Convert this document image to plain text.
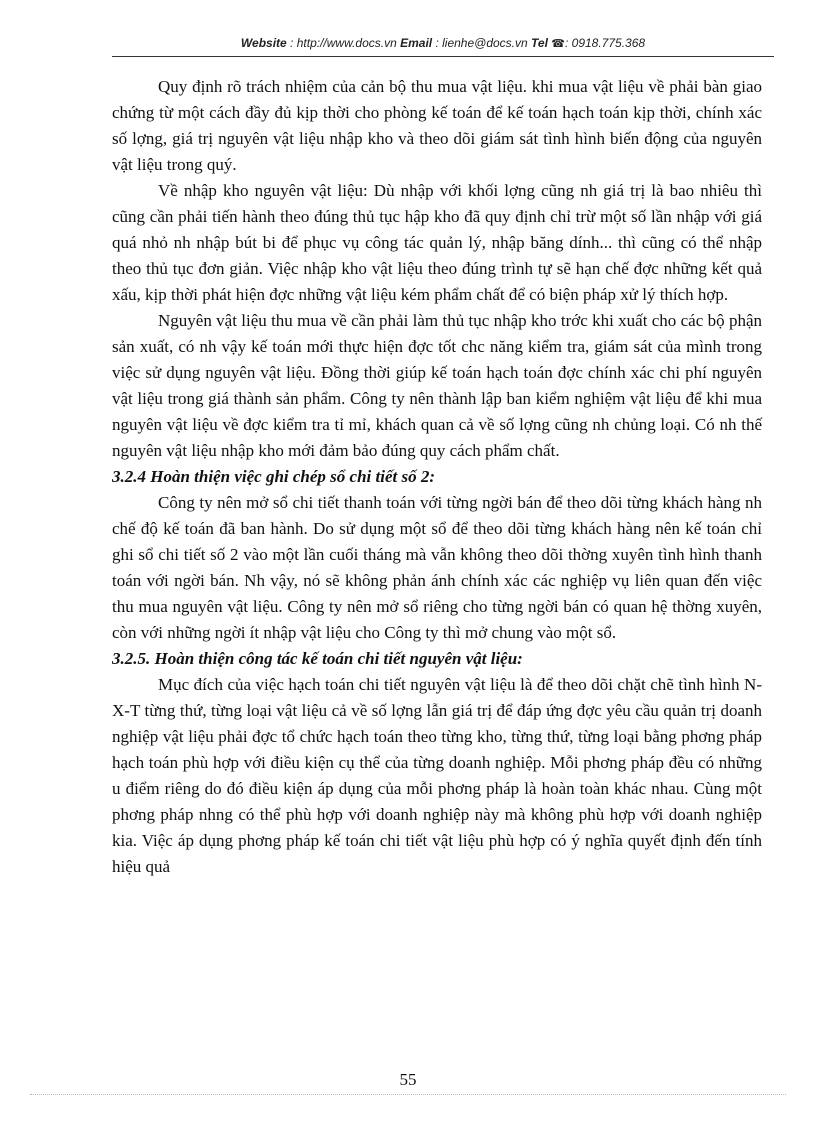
Website : http://www.docs.vn Email : lienhe@docs.vn Tel ☎: 0918.775.368

Quy định rõ trách nhiệm của cản bộ thu mua vật liệu. khi mua vật liệu về phải bàn giao chứng từ một cách đầy đủ kịp thời cho phòng kế toán để kế toán hạch toán kịp thời, chính xác số lợng, giá trị nguyên vật liệu nhập kho và theo dõi giám sát tình hình biến động của nguyên vật liệu trong quý.

Về nhập kho nguyên vật liệu: Dù nhập với khối lợng cũng nh giá trị là bao nhiêu thì cũng cần phải tiến hành theo đúng thủ tục hập kho đã quy định chỉ trừ một số lần nhập với giá quá nhỏ nh nhập bút bi để phục vụ công tác quản lý, nhập băng dính... thì cũng có thể nhập theo thủ tục đơn giản. Việc nhập kho vật liệu theo đúng trình tự sẽ hạn chế đợc những kết quả xấu, kịp thời phát hiện đợc những vật liệu kém phẩm chất để có biện pháp xử lý thích hợp.

Nguyên vật liệu thu mua về cần phải làm thủ tục nhập kho trớc khi xuất cho các bộ phận sản xuất, có nh vậy kế toán mới thực hiện đợc tốt chc năng kiểm tra, giám sát của mình trong việc sử dụng nguyên vật liệu. Đồng thời giúp kế toán hạch toán đợc chính xác chi phí nguyên vật liệu trong giá thành sản phẩm. Công ty nên thành lập ban kiểm nghiệm vật liệu để khi mua nguyên vật liệu về đợc kiểm tra tỉ mỉ, khách quan cả về số lợng cũng nh chủng loại. Có nh thế nguyên vật liệu nhập kho mới đảm bảo đúng quy cách phẩm chất.

3.2.4 Hoàn thiện việc ghi chép sổ chi tiết số 2:

Công ty nên mở sổ chi tiết thanh toán với từng ngời bán để theo dõi từng khách hàng nh chế độ kế toán đã ban hành. Do sử dụng một sổ để theo dõi từng khách hàng nên kế toán chỉ ghi sổ chi tiết số 2 vào một lần cuối tháng mà vẫn không theo dõi thờng xuyên tình hình thanh toán với ngời bán. Nh vậy, nó sẽ không phản ánh chính xác các nghiệp vụ liên quan đến việc thu mua nguyên vật liệu. Công ty nên mở sổ riêng cho từng ngời bán có quan hệ thờng xuyên, còn với những ngời ít nhập vật liệu cho Công ty thì mở chung vào một sổ.

3.2.5. Hoàn thiện công tác kế toán chi tiết nguyên vật liệu:

Mục đích của việc hạch toán chi tiết nguyên vật liệu là để theo dõi chặt chẽ tình hình N-X-T từng thứ, từng loại vật liệu cả về số lợng lẫn giá trị để đáp ứng đợc yêu cầu quản trị doanh nghiệp vật liệu phải đợc tổ chức hạch toán theo từng kho, từng thứ, từng loại bằng phơng pháp hạch toán phù hợp với điều kiện cụ thể của từng doanh nghiệp. Mỗi phơng pháp đều có những u điểm riêng do đó điều kiện áp dụng của mỗi phơng pháp là hoàn toàn khác nhau. Cùng một phơng pháp nhng có thể phù hợp với doanh nghiệp này mà không phù hợp với doanh nghiệp kia. Việc áp dụng phơng pháp kế toán chi tiết vật liệu phù hợp có ý nghĩa quyết định đến tính hiệu quả

55
